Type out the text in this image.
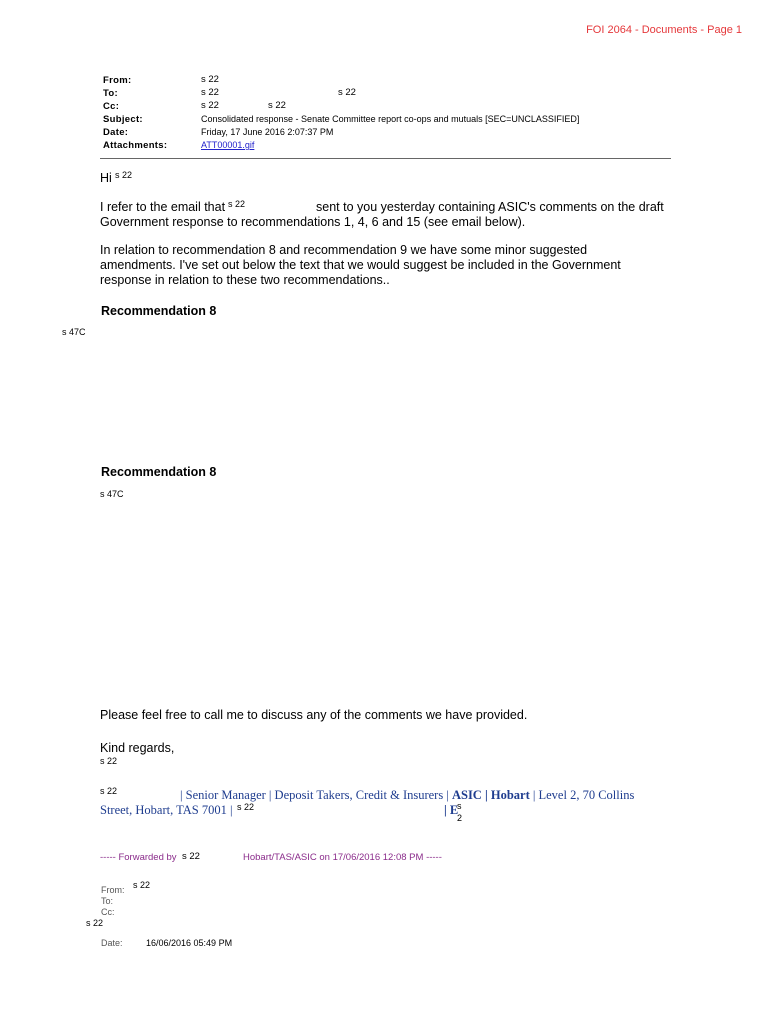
FOI 2064 - Documents - Page 1
From:	s 22
To:	s 22	s 22
Cc:	s 22	s 22
Subject:	Consolidated response - Senate Committee report co-ops and mutuals [SEC=UNCLASSIFIED]
Date:	Friday, 17 June 2016 2:07:37 PM
Attachments:	ATT00001.gif
Hi s 22
I refer to the email that s 22	sent to you yesterday containing ASIC's comments on the draft
Government response to recommendations 1, 4, 6 and 15 (see email below).
In relation to recommendation 8 and recommendation 9 we have some minor suggested
amendments. I've set out below the text that we would suggest be included in the Government
response in relation to these two recommendations..
Recommendation 8
s 47C
Recommendation 8
s 47C
Please feel free to call me to discuss any of the comments we have provided.
Kind regards,
s 22
s 22	| Senior Manager | Deposit Takers, Credit & Insurers | ASIC | Hobart | Level 2, 70 Collins
Street, Hobart, TAS 7001 | s 22	| E
s
2
----- Forwarded by s 22	Hobart/TAS/ASIC on 17/06/2016 12:08 PM -----
From: s 22
To:
Cc:
s 22
Date:	16/06/2016 05:49 PM
